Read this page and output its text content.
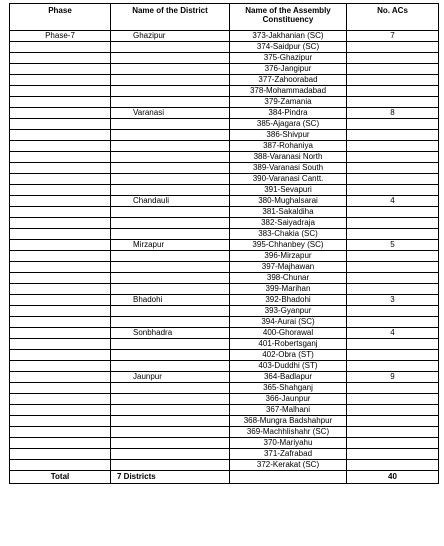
Phase	Name of the District	Name of the Assembly Constituency	No. ACs
Phase-7	Ghazipur	373-Jakhanian (SC)	7
		374-Saidpur (SC)	
		375-Ghazipur	
		376-Jangipur	
		377-Zahoorabad	
		378-Mohammadabad	
		379-Zamania	
	Varanasi	384-Pindra	8
		385-Ajagara (SC)	
		386-Shivpur	
		387-Rohaniya	
		388-Varanasi North	
		389-Varanasi South	
		390-Varanasi Cantt.	
		391-Sevapuri	
	Chandauli	380-Mughalsarai	4
		381-Sakaldiha	
		382-Saiyadraja	
		383-Chakia (SC)	
	Mirzapur	395-Chhanbey (SC)	5
		396-Mirzapur	
		397-Majhawan	
		398-Chunar	
		399-Marihan	
	Bhadohi	392-Bhadohi	3
		393-Gyanpur	
		394-Aurai (SC)	
	Sonbhadra	400-Ghorawal	4
		401-Robertsganj	
		402-Obra (ST)	
		403-Duddhi (ST)	
	Jaunpur	364-Badlapur	9
		365-Shahganj	
		366-Jaunpur	
		367-Malhani	
		368-Mungra Badshahpur	
		369-Machhlishahr (SC)	
		370-Mariyahu	
		371-Zafrabad	
		372-Kerakat (SC)	
Total	7 Districts		40
